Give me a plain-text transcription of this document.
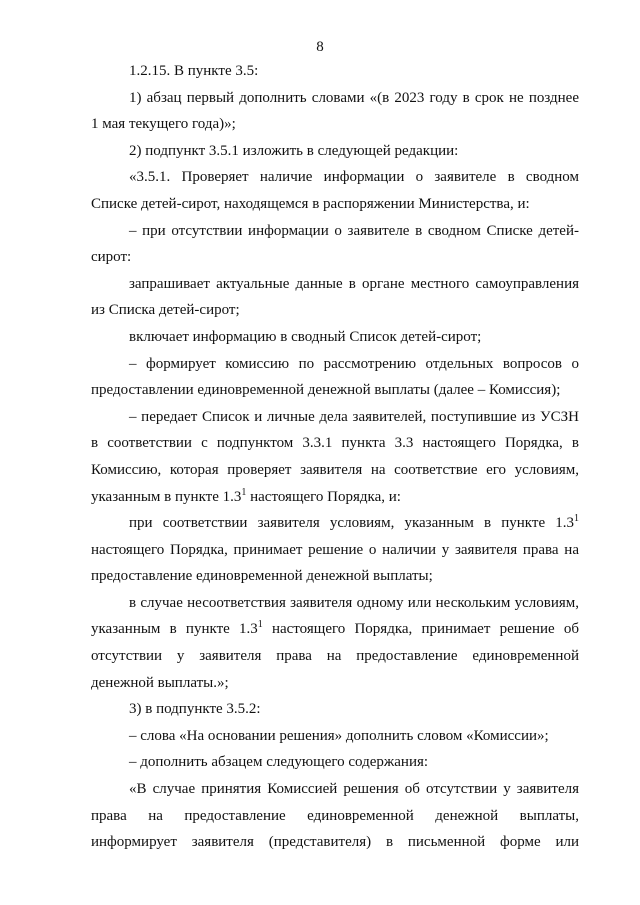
8

1.2.15. В пункте 3.5:

1) абзац первый дополнить словами «(в 2023 году в срок не позднее
1 мая текущего года)»;

2) подпункт 3.5.1 изложить в следующей редакции:

«3.5.1. Проверяет наличие информации о заявителе в сводном
Списке детей-сирот, находящемся в распоряжении Министерства, и:

– при отсутствии информации о заявителе в сводном Списке детей-
сирот:

запрашивает актуальные данные в органе местного самоуправления
из Списка детей-сирот;

включает информацию в сводный Список детей-сирот;

– формирует комиссию по рассмотрению отдельных вопросов о
предоставлении единовременной денежной выплаты (далее – Комиссия);

– передает Список и личные дела заявителей, поступившие из УСЗН
в соответствии с подпунктом 3.3.1 пункта 3.3 настоящего Порядка, в
Комиссию, которая проверяет заявителя на соответствие его условиям,
указанным в пункте $1.3^1$ настоящего Порядка, и:

при соответствии заявителя условиям, указанным в пункте $1.3^1$
настоящего Порядка, принимает решение о наличии у заявителя права на
предоставление единовременной денежной выплаты;

в случае несоответствия заявителя одному или нескольким условиям,
указанным в пункте $1.3^1$ настоящего Порядка, принимает решение об
отсутствии у заявителя права на предоставление единовременной
денежной выплаты.»;

3) в подпункте 3.5.2:

– слова «На основании решения» дополнить словом «Комиссии»;

– дополнить абзацем следующего содержания:

«В случае принятия Комиссией решения об отсутствии у заявителя
права на предоставление единовременной денежной выплаты,
информирует заявителя (представителя) в письменной форме или
